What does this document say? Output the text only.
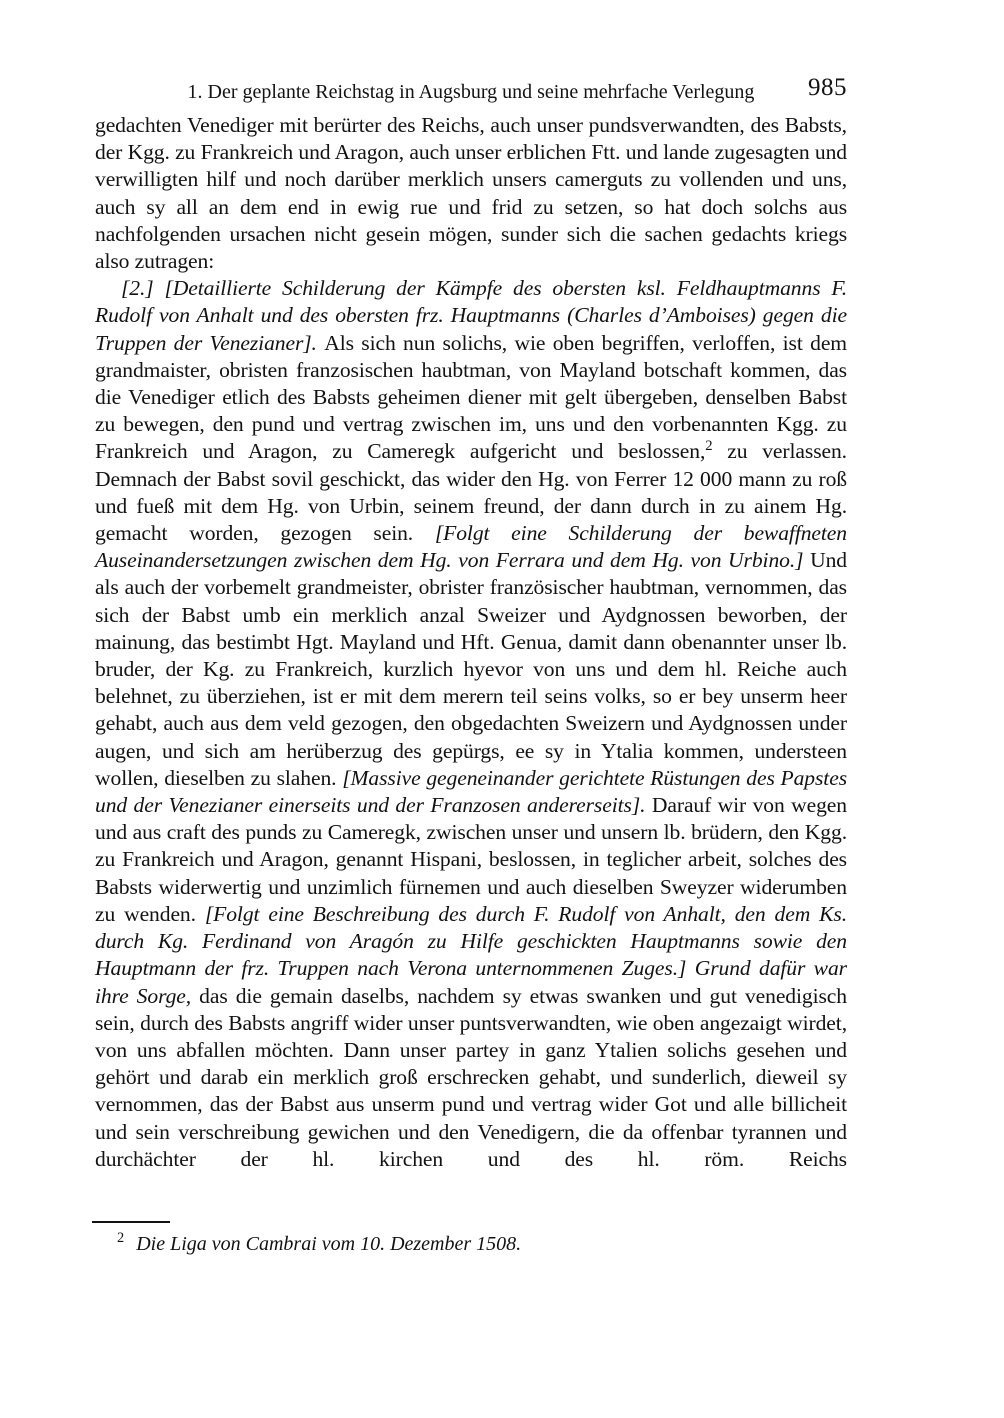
1. Der geplante Reichstag in Augsburg und seine mehrfache Verlegung 985

gedachten Venediger mit berürter des Reichs, auch unser pundsverwandten, des Babsts, der Kgg. zu Frankreich und Aragon, auch unser erblichen Ftt. und lande zugesagten und verwilligten hilf und noch darüber merklich unsers camerguts zu vollenden und uns, auch sy all an dem end in ewig rue und frid zu setzen, so hat doch solchs aus nachfolgenden ursachen nicht gesein mögen, sunder sich die sachen gedachts kriegs also zutragen:

[2.] [Detaillierte Schilderung der Kämpfe des obersten ksl. Feldhauptmanns F. Rudolf von Anhalt und des obersten frz. Hauptmanns (Charles d’Amboises) gegen die Truppen der Venezianer]. Als sich nun solichs, wie oben begriffen, verloffen, ist dem grandmaister, obristen franzosischen haubtman, von Mayland botschaft kommen, das die Venediger etlich des Babsts geheimen diener mit gelt übergeben, denselben Babst zu bewegen, den pund und vertrag zwischen im, uns und den vorbenannten Kgg. zu Frankreich und Aragon, zu Cameregk aufgericht und beslossen,$^2$ zu verlassen. Demnach der Babst sovil geschickt, das wider den Hg. von Ferrer 12 000 mann zu roß und fueß mit dem Hg. von Urbin, seinem freund, der dann durch in zu ainem Hg. gemacht worden, gezogen sein. [Folgt eine Schilderung der bewaffneten Auseinandersetzungen zwischen dem Hg. von Ferrara und dem Hg. von Urbino.] Und als auch der vorbemelt grandmeister, obrister französischer haubtman, vernommen, das sich der Babst umb ein merklich anzal Sweizer und Aydgnossen beworben, der mainung, das bestimbt Hgt. Mayland und Hft. Genua, damit dann obenannter unser lb. bruder, der Kg. zu Frankreich, kurzlich hyevor von uns und dem hl. Reiche auch belehnet, zu überziehen, ist er mit dem merern teil seins volks, so er bey unserm heer gehabt, auch aus dem veld gezogen, den obgedachten Sweizern und Aydgnossen under augen, und sich am herüberzug des gepürgs, ee sy in Ytalia kommen, understeen wollen, dieselben zu slahen. [Massive gegeneinander gerichtete Rüstungen des Papstes und der Venezianer einerseits und der Franzosen andererseits]. Darauf wir von wegen und aus craft des punds zu Cameregk, zwischen unser und unsern lb. brüdern, den Kgg. zu Frankreich und Aragon, genannt Hispani, beslossen, in teglicher arbeit, solches des Babsts widerwertig und unzimlich fürnemen und auch dieselben Sweyzer widerumben zu wenden. [Folgt eine Beschreibung des durch F. Rudolf von Anhalt, den dem Ks. durch Kg. Ferdinand von Aragón zu Hilfe geschickten Hauptmanns sowie den Hauptmann der frz. Truppen nach Verona unternommenen Zuges.] Grund dafür war ihre Sorge, das die gemain daselbs, nachdem sy etwas swanken und gut venedigisch sein, durch des Babsts angriff wider unser puntsverwandten, wie oben angezaigt wirdet, von uns abfallen möchten. Dann unser partey in ganz Ytalien solichs gesehen und gehört und darab ein merklich groß erschrecken gehabt, und sunderlich, dieweil sy vernommen, das der Babst aus unserm pund und vertrag wider Got und alle billicheit und sein verschreibung gewichen und den Venedigern, die da offenbar tyrannen und durchächter der hl. kirchen und des hl. röm. Reichs

$^2$ Die Liga von Cambrai vom 10. Dezember 1508.
